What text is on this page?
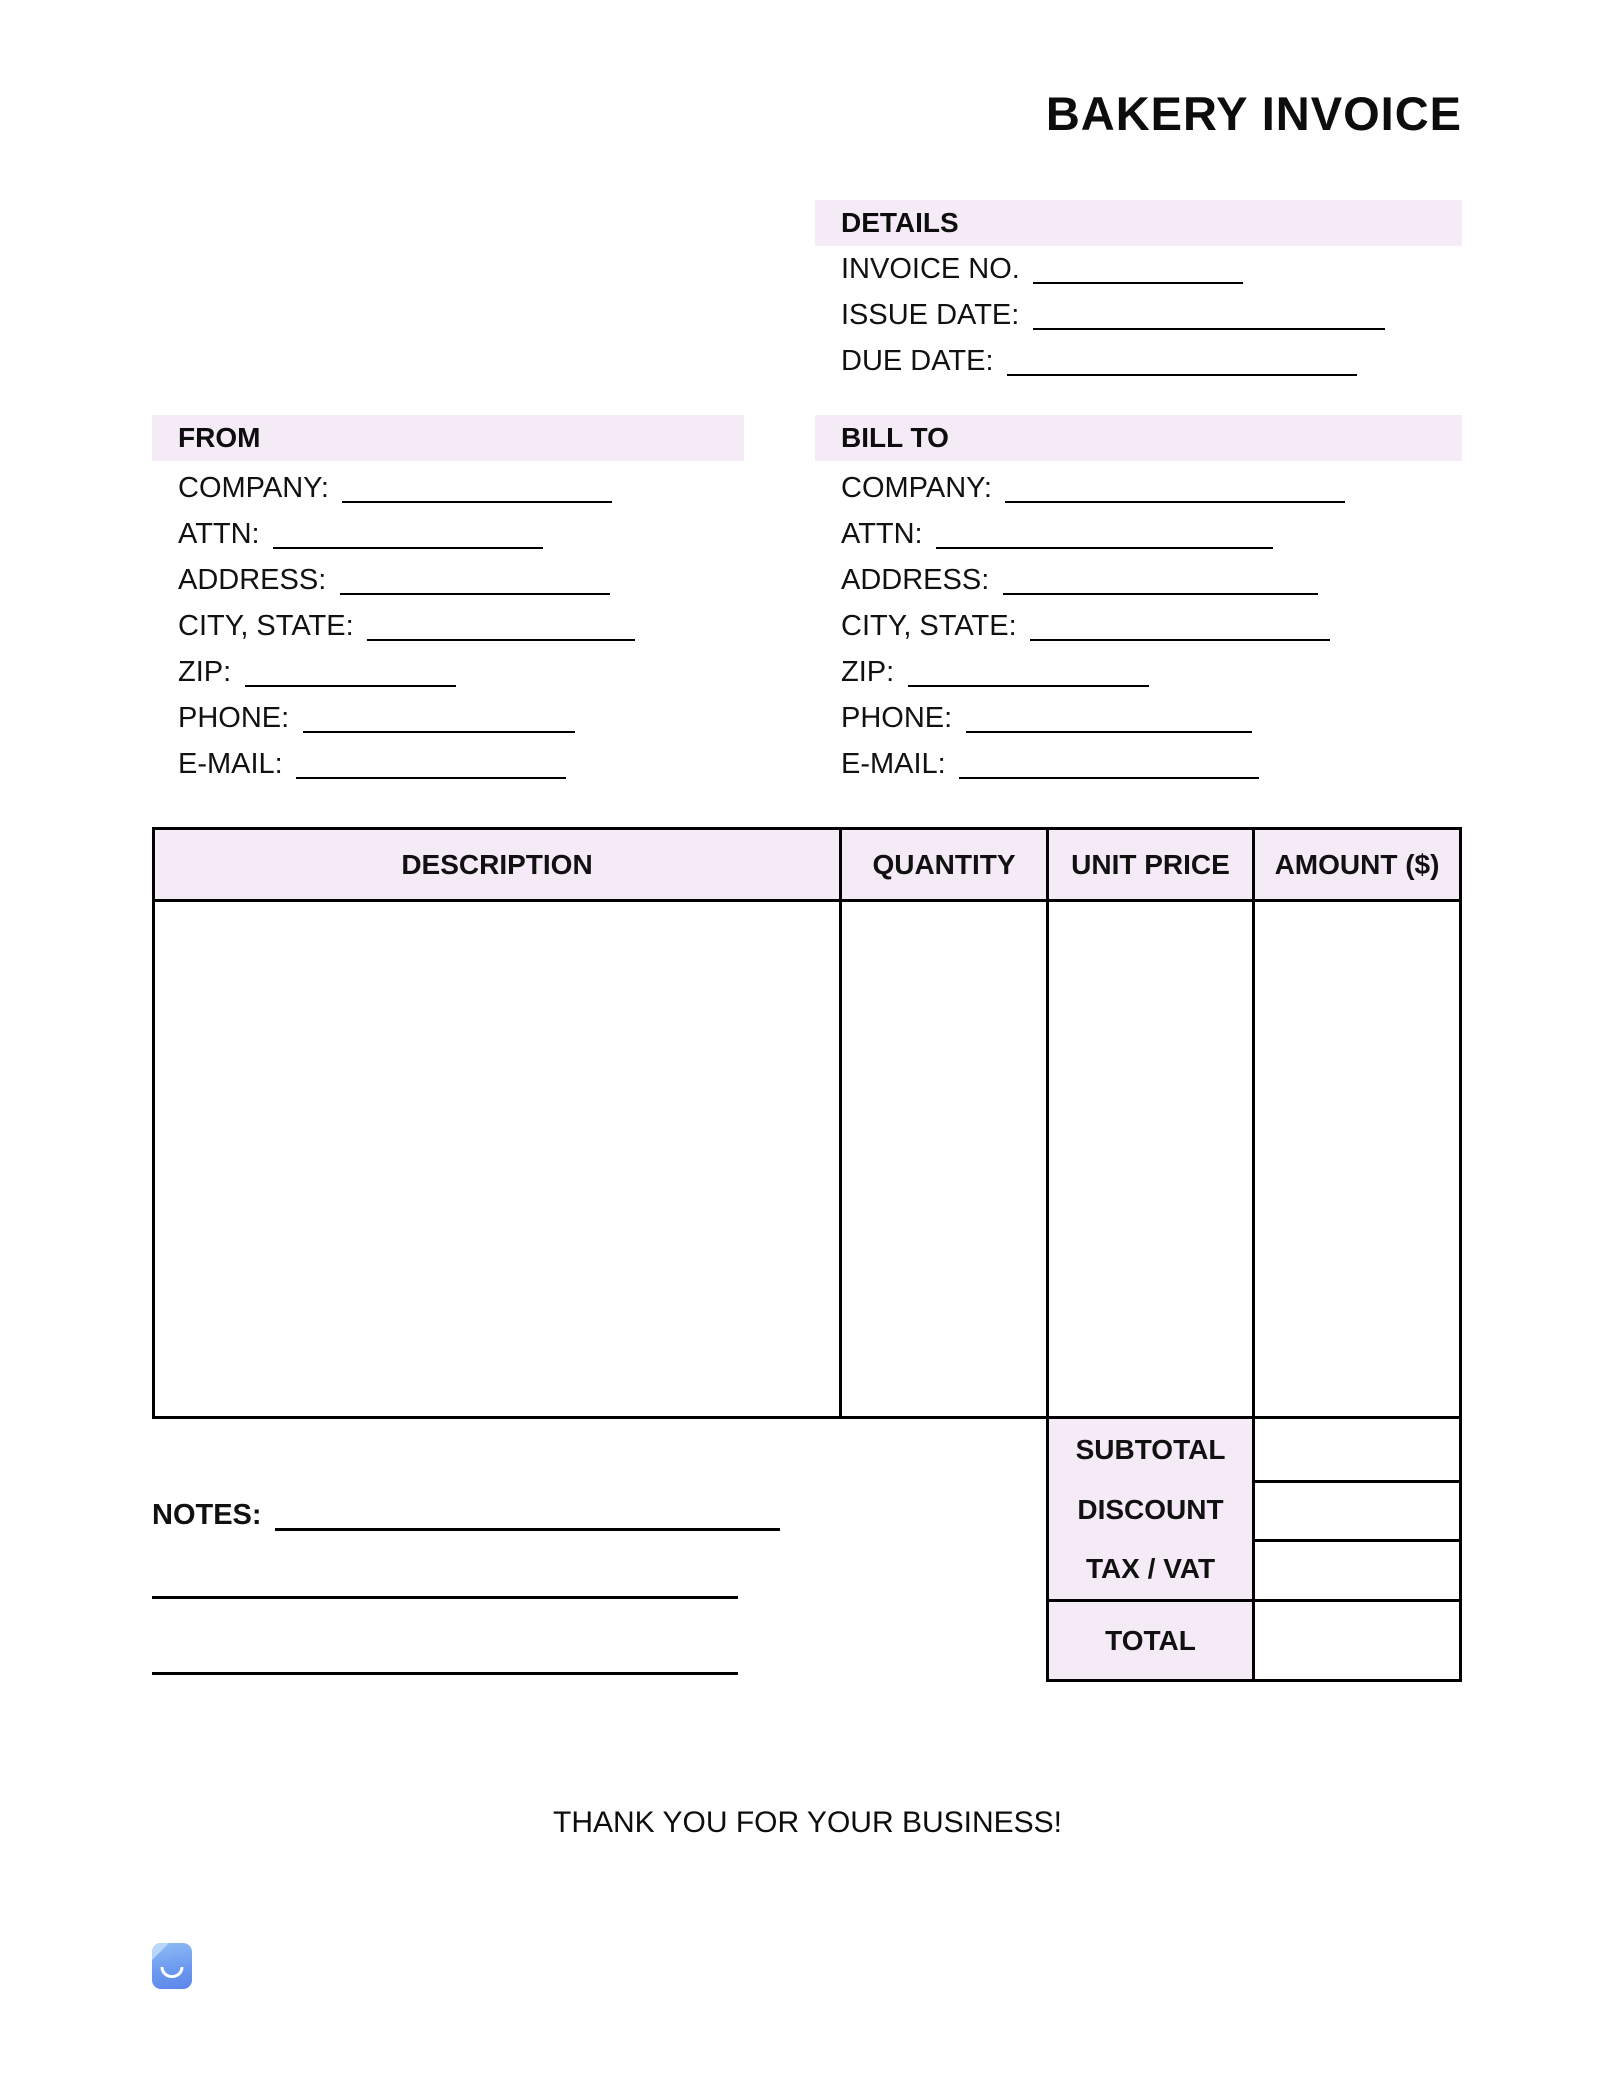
BAKERY INVOICE
DETAILS
INVOICE NO.
ISSUE DATE:
DUE DATE:
FROM
COMPANY:
ATTN:
ADDRESS:
CITY, STATE:
ZIP:
PHONE:
E-MAIL:
BILL TO
COMPANY:
ATTN:
ADDRESS:
CITY, STATE:
ZIP:
PHONE:
E-MAIL:
DESCRIPTION	QUANTITY	UNIT PRICE	AMOUNT ($)
SUBTOTAL
DISCOUNT
TAX / VAT
TOTAL
NOTES:
THANK YOU FOR YOUR BUSINESS!
